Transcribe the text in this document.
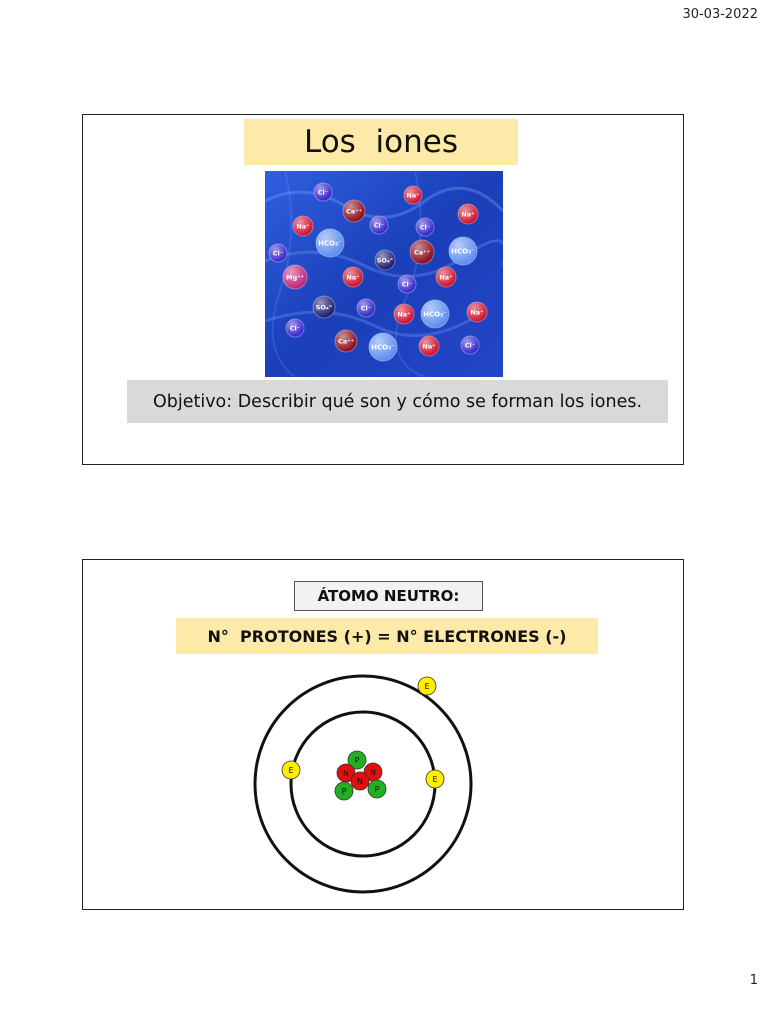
30-03-2022
Los  iones
Cl⁻	Na⁺
Ca⁺⁺
Cl⁻
Na⁺
Na⁺
HCO₃⁻
Cl⁻
Cl⁻	Ca⁺⁺	HCO₃⁻
Mg⁺⁺	Na⁺
SO₄⁼
Cl⁻
Na⁺
SO₄⁼	Cl⁻
Na⁺ HCO₃⁻	Na⁺
Cl⁻
Ca⁺⁺
HCO₃⁻	Na⁺	Cl⁻
Objetivo: Describir qué son y cómo se forman los iones.
ÁTOMO NEUTRO:
N°  PROTONES (+) = N° ELECTRONES (-)
P
N	N
N
P	P
E
E
E
1
